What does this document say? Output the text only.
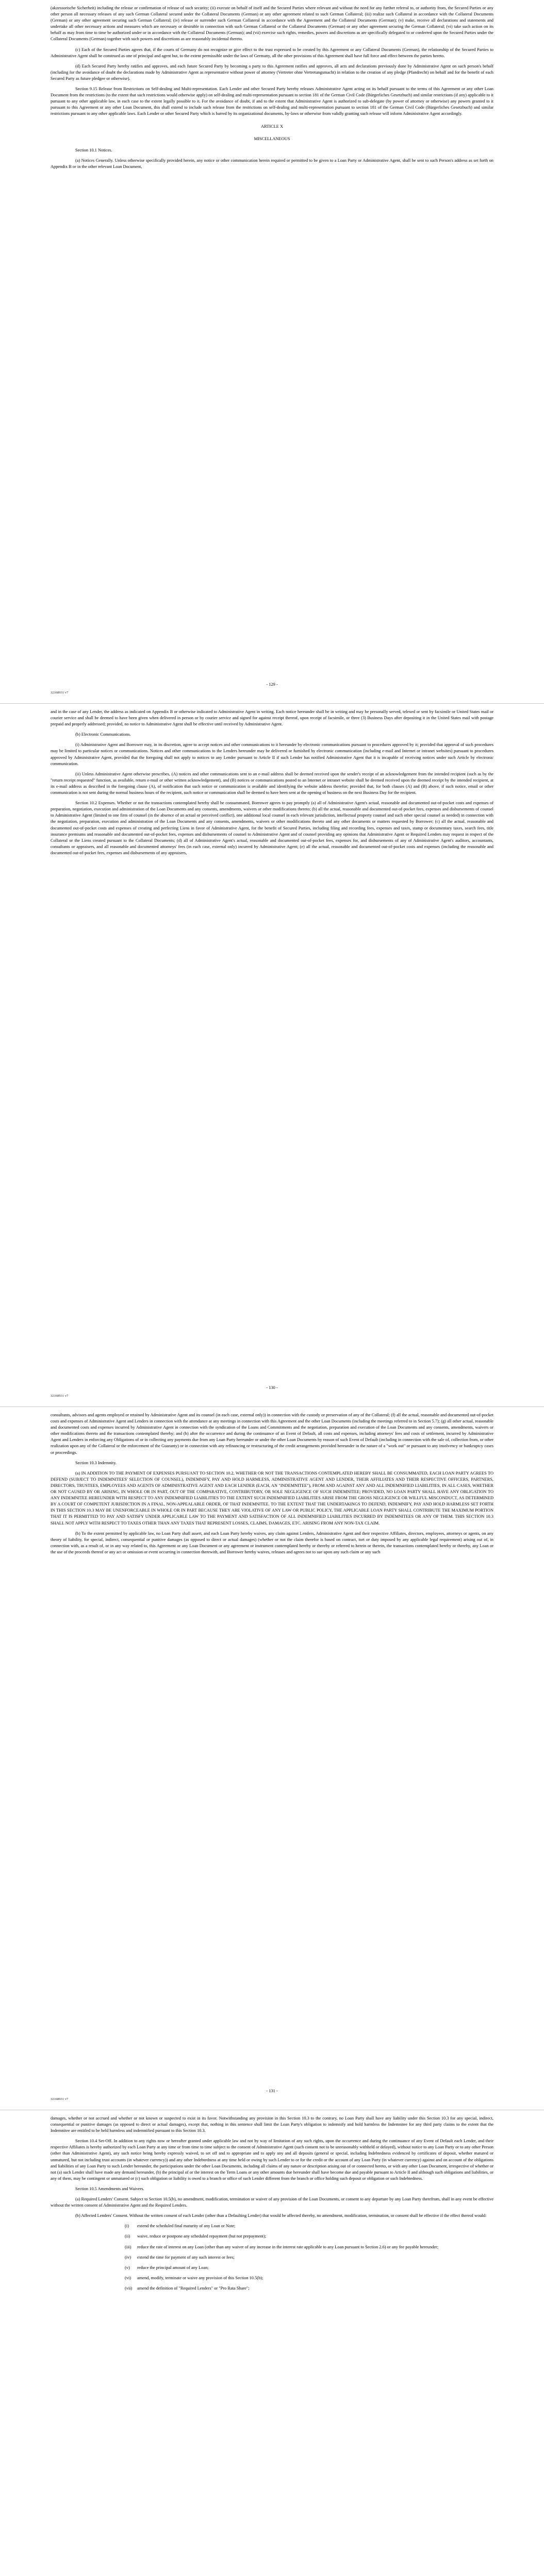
(akzessorische Sicherheit) including the release or confirmation of release of such security; (ii) execute on behalf of itself and the Secured Parties where relevant and without the need for any further referral to, or authority from, the Secured Parties or any other person all necessary releases of any such German Collateral secured under the Collateral Documents (German) or any other agreement related to such German Collateral; (iii) realize such Collateral in accordance with the Collateral Documents (German) or any other agreement securing such German Collateral; (iv) release or surrender such German Collateral in accordance with the Agreement and the Collateral Documents (German); (v) make, receive all declarations and statements and undertake all other necessary actions and measures which are necessary or desirable in connection with such German Collateral or the Collateral Documents (German) or any other agreement securing the German Collateral; (vi) take such action on its behalf as may from time to time be authorized under or in accordance with the Collateral Documents (German); and (vii) exercise such rights, remedies, powers and discretions as are specifically delegated to or conferred upon the Secured Parties under the Collateral Documents (German) together with such powers and discretions as are reasonably incidental thereto.

(c) Each of the Secured Parties agrees that, if the courts of Germany do not recognize or give effect to the trust expressed to be created by this Agreement or any Collateral Documents (German), the relationship of the Secured Parties to Administrative Agent shall be construed as one of principal and agent but, to the extent permissible under the laws of Germany, all the other provisions of this Agreement shall have full force and effect between the parties hereto.

(d) Each Secured Party hereby ratifies and approves, and each future Secured Party by becoming a party to this Agreement ratifies and approves, all acts and declarations previously done by Administrative Agent on such person's behalf (including for the avoidance of doubt the declarations made by Administrative Agent as representative without power of attorney (Vertreter ohne Vertretungsmacht) in relation to the creation of any pledge (Pfandrecht) on behalf and for the benefit of each Secured Party as future pledgee or otherwise).

Section 9.15 Release from Restrictions on Self-dealing and Multi-representation. Each Lender and other Secured Party hereby releases Administrative Agent acting on its behalf pursuant to the terms of this Agreement or any other Loan Document from the restrictions (to the extent that such restrictions would otherwise apply) on self-dealing and multi-representation pursuant to section 181 of the German Civil Code (Bürgerliches Gesetzbuch) and similar restrictions (if any) applicable to it pursuant to any other applicable law, in each case to the extent legally possible to it. For the avoidance of doubt, if and to the extent that Administrative Agent is authorized to sub-delegate (by power of attorney or otherwise) any powers granted to it pursuant to this Agreement or any other Loan Document, this shall extend to include such release from the restrictions on self-dealing and multi-representation pursuant to section 181 of the German Civil Code (Bürgerliches Gesetzbuch) and similar restrictions pursuant to any other applicable laws. Each Lender or other Secured Party which is barred by its organizational documents, by-laws or otherwise from validly granting such release will inform Administrative Agent accordingly.

ARTICLE X
MISCELLANEOUS

Section 10.1 Notices.

(a) Notices Generally. Unless otherwise specifically provided herein, any notice or other communication herein required or permitted to be given to a Loan Party or Administrative Agent, shall be sent to such Person's address as set forth on Appendix B or in the other relevant Loan Document,

- 129 -
32168931 v7

and in the case of any Lender, the address as indicated on Appendix B or otherwise indicated to Administrative Agent in writing. Each notice hereunder shall be in writing and may be personally served, telexed or sent by facsimile or United States mail or courier service and shall be deemed to have been given when delivered in person or by courier service and signed for against receipt thereof, upon receipt of facsimile, or three (3) Business Days after depositing it in the United States mail with postage prepaid and properly addressed; provided, no notice to Administrative Agent shall be effective until received by Administrative Agent.

(b) Electronic Communications.

(i) Administrative Agent and Borrower may, in its discretion, agree to accept notices and other communications to it hereunder by electronic communications pursuant to procedures approved by it; provided that approval of such procedures may be limited to particular notices or communications. Notices and other communications to the Lenders hereunder may be delivered or furnished by electronic communication (including e-mail and Internet or intranet websites) pursuant to procedures approved by Administrative Agent, provided that the foregoing shall not apply to notices to any Lender pursuant to Article II if such Lender has notified Administrative Agent that it is incapable of receiving notices under such Article by electronic communication.

(ii) Unless Administrative Agent otherwise prescribes, (A) notices and other communications sent to an e-mail address shall be deemed received upon the sender's receipt of an acknowledgement from the intended recipient (such as by the "return receipt requested" function, as available, return e-mail or other written acknowledgement), and (B) notices or communications posted to an Internet or intranet website shall be deemed received upon the deemed receipt by the intended recipient, at its e-mail address as described in the foregoing clause (A), of notification that such notice or communication is available and identifying the website address therefor; provided that, for both clauses (A) and (B) above, if such notice, email or other communication is not sent during the normal business hours of the recipient, such notice or communication shall be deemed to have been sent at the opening of business on the next Business Day for the recipient.

Section 10.2 Expenses. Whether or not the transactions contemplated hereby shall be consummated, Borrower agrees to pay promptly (a) all of Administrative Agent's actual, reasonable and documented out-of-pocket costs and expenses of preparation, negotiation, execution and administration of the Loan Documents and any consents, amendments, waivers or other modifications thereto; (b) all the actual, reasonable and documented out-of-pocket fees, expenses and disbursements of counsel to Administrative Agent (limited to one firm of counsel (in the absence of an actual or perceived conflict), one additional local counsel in each relevant jurisdiction, intellectual property counsel and such other special counsel as needed) in connection with the negotiation, preparation, execution and administration of the Loan Documents and any consents, amendments, waivers or other modifications thereto and any other documents or matters requested by Borrower; (c) all the actual, reasonable and documented out-of-pocket costs and expenses of creating and perfecting Liens in favor of Administrative Agent, for the benefit of Secured Parties, including filing and recording fees, expenses and taxes, stamp or documentary taxes, search fees, title insurance premiums and reasonable and documented out-of-pocket fees, expenses and disbursements of counsel to Administrative Agent and of counsel providing any opinions that Administrative Agent or Required Lenders may request in respect of the Collateral or the Liens created pursuant to the Collateral Documents; (d) all of Administrative Agent's actual, reasonable and documented out-of-pocket fees, expenses for, and disbursements of any of Administrative Agent's auditors, accountants, consultants or appraisers, and all reasonable and documented attorneys' fees (in each case, external only) incurred by Administrative Agent; (e) all the actual, reasonable and documented out-of-pocket costs and expenses (including the reasonable and documented out-of-pocket fees, expenses and disbursements of any appraisers,

- 130 -
32168931 v7

consultants, advisors and agents employed or retained by Administrative Agent and its counsel (in each case, external only)) in connection with the custody or preservation of any of the Collateral; (f) all the actual, reasonable and documented out-of-pocket costs and expenses of Administrative Agent and Lenders in connection with the attendance at any meetings in connection with this Agreement and the other Loan Documents (including the meetings referred to in Section 5.7); (g) all other actual, reasonable and documented costs and expenses incurred by Administrative Agent in connection with the syndication of the Loans and Commitments and the negotiation, preparation and execution of the Loan Documents and any consents, amendments, waivers or other modifications thereto and the transactions contemplated thereby; and (h) after the occurrence and during the continuance of an Event of Default, all costs and expenses, including attorneys' fees and costs of settlement, incurred by Administrative Agent and Lenders in enforcing any Obligations of or in collecting any payments due from any Loan Party hereunder or under the other Loan Documents by reason of such Event of Default (including in connection with the sale of, collection from, or other realization upon any of the Collateral or the enforcement of the Guaranty) or in connection with any refinancing or restructuring of the credit arrangements provided hereunder in the nature of a "work out" or pursuant to any insolvency or bankruptcy cases or proceedings.

Section 10.3 Indemnity.

(a) IN ADDITION TO THE PAYMENT OF EXPENSES PURSUANT TO SECTION 10.2, WHETHER OR NOT THE TRANSACTIONS CONTEMPLATED HEREBY SHALL BE CONSUMMATED, EACH LOAN PARTY AGREES TO DEFEND (SUBJECT TO INDEMNITEES' SELECTION OF COUNSEL), INDEMNIFY, PAY AND HOLD HARMLESS, ADMINISTRATIVE AGENT AND LENDER, THEIR AFFILIATES AND THEIR RESPECTIVE OFFICERS, PARTNERS, DIRECTORS, TRUSTEES, EMPLOYEES AND AGENTS OF ADMINISTRATIVE AGENT AND EACH LENDER (EACH, AN "INDEMNITEE"), FROM AND AGAINST ANY AND ALL INDEMNIFIED LIABILITIES, IN ALL CASES, WHETHER OR NOT CAUSED BY OR ARISING, IN WHOLE OR IN PART, OUT OF THE COMPARATIVE, CONTRIBUTORY, OR SOLE NEGLIGENCE OF SUCH INDEMNITEE; PROVIDED, NO LOAN PARTY SHALL HAVE ANY OBLIGATION TO ANY INDEMNITEE HEREUNDER WITH RESPECT TO ANY INDEMNIFIED LIABILITIES TO THE EXTENT SUCH INDEMNIFIED LIABILITIES ARISE FROM THE GROSS NEGLIGENCE OR WILLFUL MISCONDUCT, AS DETERMINED BY A COURT OF COMPETENT JURISDICTION IN A FINAL, NON-APPEALABLE ORDER, OF THAT INDEMNITEE. TO THE EXTENT THAT THE UNDERTAKINGS TO DEFEND, INDEMNIFY, PAY AND HOLD HARMLESS SET FORTH IN THIS SECTION 10.3 MAY BE UNENFORCEABLE IN WHOLE OR IN PART BECAUSE THEY ARE VIOLATIVE OF ANY LAW OR PUBLIC POLICY, THE APPLICABLE LOAN PARTY SHALL CONTRIBUTE THE MAXIMUM PORTION THAT IT IS PERMITTED TO PAY AND SATISFY UNDER APPLICABLE LAW TO THE PAYMENT AND SATISFACTION OF ALL INDEMNIFIED LIABILITIES INCURRED BY INDEMNITEES OR ANY OF THEM. THIS SECTION 10.3 SHALL NOT APPLY WITH RESPECT TO TAXES OTHER THAN ANY TAXES THAT REPRESENT LOSSES, CLAIMS, DAMAGES, ETC. ARISING FROM ANY NON-TAX CLAIM.

(b) To the extent permitted by applicable law, no Loan Party shall assert, and each Loan Party hereby waives, any claim against Lenders, Administrative Agent and their respective Affiliates, directors, employees, attorneys or agents, on any theory of liability, for special, indirect, consequential or punitive damages (as opposed to direct or actual damages) (whether or not the claim therefor is based on contract, tort or duty imposed by any applicable legal requirement) arising out of, in connection with, as a result of, or in any way related to, this Agreement or any Loan Document or any agreement or instrument contemplated hereby or thereby or referred to herein or therein, the transactions contemplated hereby or thereby, any Loan or the use of the proceeds thereof or any act or omission or event occurring in connection therewith, and Borrower hereby waives, releases and agrees not to sue upon any such claim or any such

- 131 -
32168931 v7

damages, whether or not accrued and whether or not known or suspected to exist in its favor. Notwithstanding any provision in this Section 10.3 to the contrary, no Loan Party shall have any liability under this Section 10.3 for any special, indirect, consequential or punitive damages (as opposed to direct or actual damages), except that, nothing in this sentence shall limit the Loan Party's obligation to indemnify and hold harmless the Indemnitee for any third party claims to the extent that the Indemnitee are entitled to be held harmless and indemnified pursuant to this Section 10.3.

Section 10.4 Set-Off. In addition to any rights now or hereafter granted under applicable law and not by way of limitation of any such rights, upon the occurrence and during the continuance of any Event of Default each Lender, and their respective Affiliates is hereby authorized by each Loan Party at any time or from time to time subject to the consent of Administrative Agent (such consent not to be unreasonably withheld or delayed), without notice to any Loan Party or to any other Person (other than Administrative Agent), any such notice being hereby expressly waived, to set off and to appropriate and to apply any and all deposits (general or special, including Indebtedness evidenced by certificates of deposit, whether matured or unmatured, but not including trust accounts (in whatever currency)) and any other Indebtedness at any time held or owing by such Lender to or for the credit or the account of any Loan Party (in whatever currency) against and on account of the obligations and liabilities of any Loan Party to such Lender hereunder, the participations under the other Loan Documents, including all claims of any nature or description arising out of or connected hereto, or with any other Loan Document, irrespective of whether or not (a) such Lender shall have made any demand hereunder, (b) the principal of or the interest on the Term Loans or any other amounts due hereunder shall have become due and payable pursuant to Article II and although such obligations and liabilities, or any of them, may be contingent or unmatured or (c) such obligation or liability is owed to a branch or office of such Lender different from the branch or office holding such deposit or obligation or such Indebtedness.

Section 10.5 Amendments and Waivers.

(a) Required Lenders' Consent. Subject to Section 10.5(b), no amendment, modification, termination or waiver of any provision of the Loan Documents, or consent to any departure by any Loan Party therefrom, shall in any event be effective without the written consent of Administrative Agent and the Required Lenders.

(b) Affected Lenders' Consent. Without the written consent of each Lender (other than a Defaulting Lender) that would be affected thereby, no amendment, modification, termination, or consent shall be effective if the effect thereof would:

(i)	extend the scheduled final maturity of any Loan or Note;
(ii)	waive, reduce or postpone any scheduled repayment (but not prepayment);
(iii)	reduce the rate of interest on any Loan (other than any waiver of any increase in the interest rate applicable to any Loan pursuant to Section 2.6) or any fee payable hereunder;
(iv)	extend the time for payment of any such interest or fees;
(v)	reduce the principal amount of any Loan;
(vi)	amend, modify, terminate or waive any provision of this Section 10.5(b);
(vii)	amend the definition of "Required Lenders" or "Pro Rata Share";
